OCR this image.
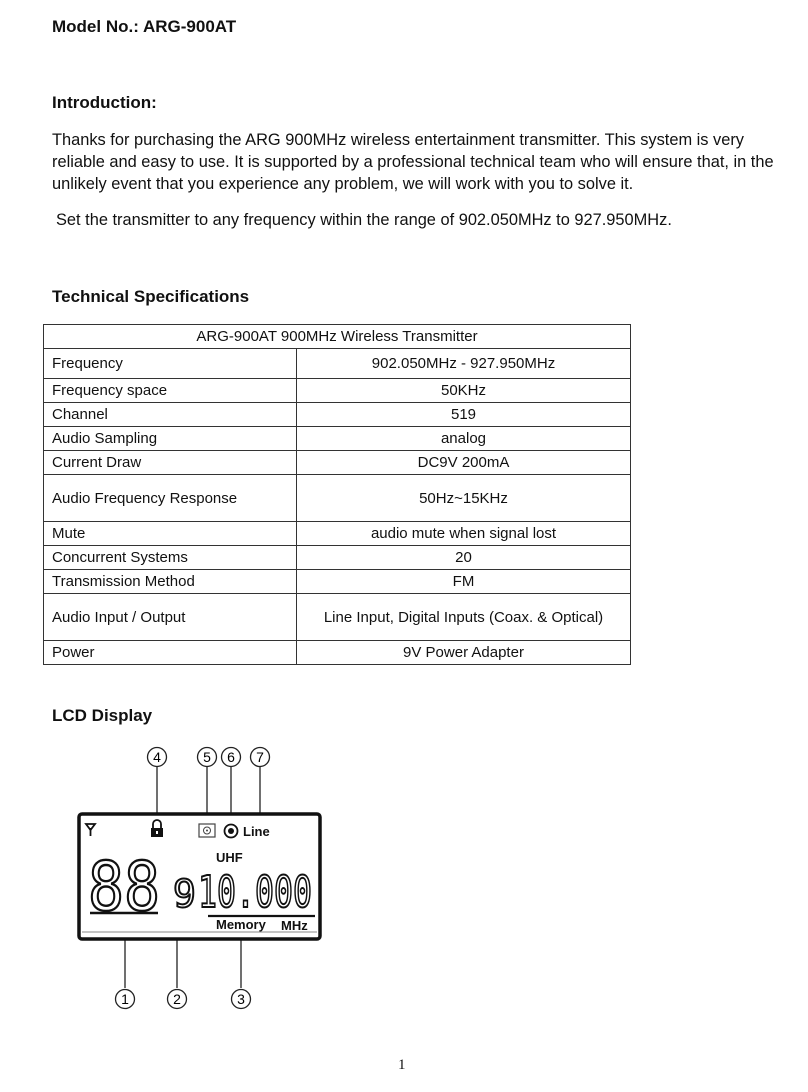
Model No.: ARG-900AT
Introduction:

Thanks for purchasing the ARG 900MHz wireless entertainment transmitter. This system is very reliable and easy to use. It is supported by a professional technical team who will ensure that, in the unlikely event that you experience any problem, we will work with you to solve it.

Set the transmitter to any frequency within the range of 902.050MHz to 927.950MHz.

Technical Specifications
ARG-900AT 900MHz Wireless Transmitter	
Frequency	902.050MHz - 927.950MHz
Frequency space	50KHz
Channel	519
Audio Sampling	analog
Current Draw	DC9V 200mA
Audio Frequency Response	50Hz~15KHz
Mute	audio mute when signal lost
Concurrent Systems	20
Transmission Method	FM
Audio Input / Output	Line Input, Digital Inputs (Coax. & Optical)
Power	9V Power Adapter
LCD Display
4	5 6 7
1	2	3
Line
UHF
88 9 10.000
Memory MHz
1
